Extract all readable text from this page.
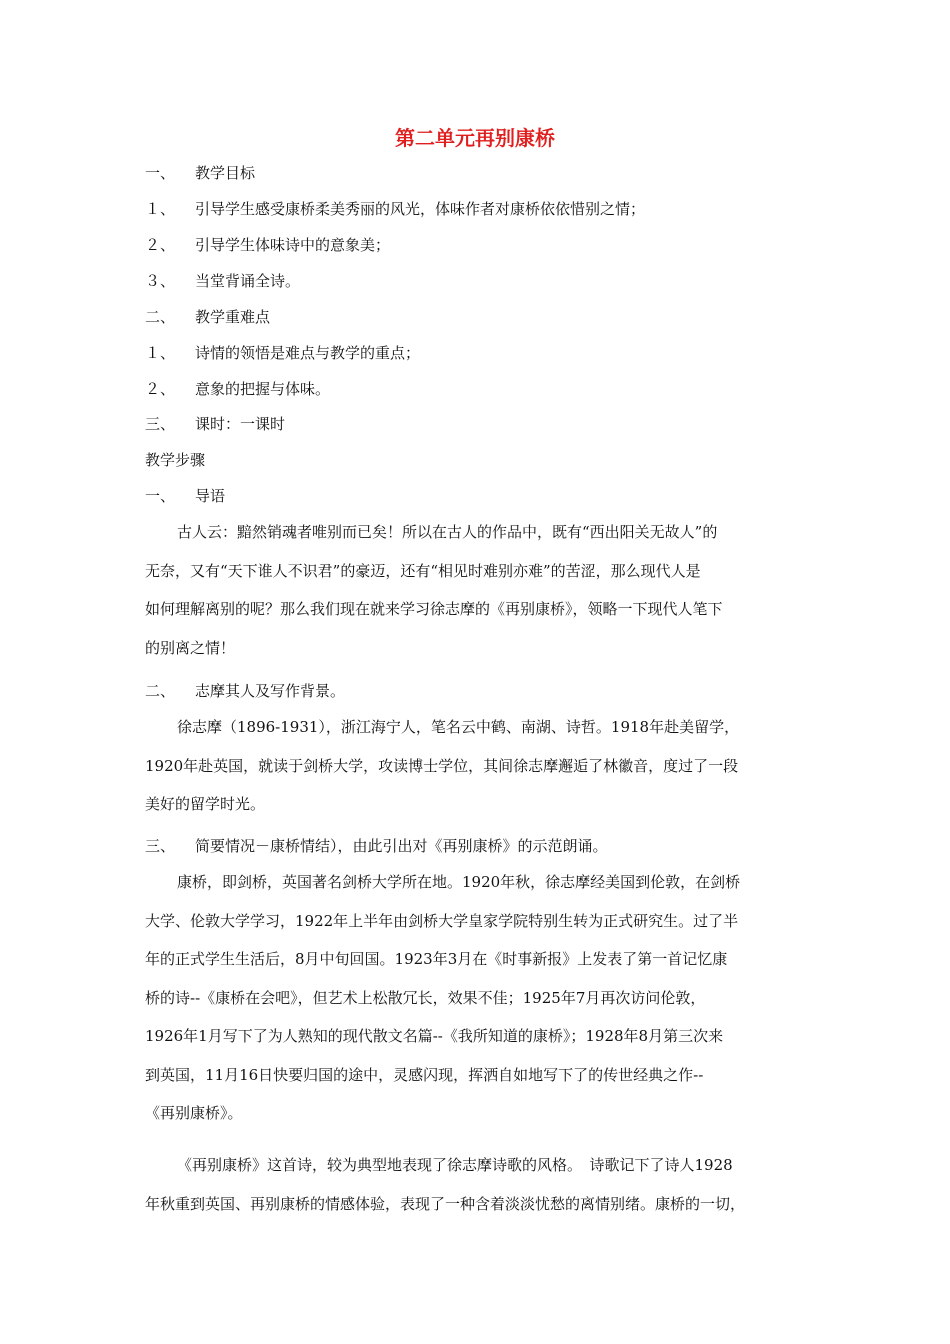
第二单元再别康桥
一、 教学目标
１、 引导学生感受康桥柔美秀丽的风光，体味作者对康桥依依惜别之情；
２、 引导学生体味诗中的意象美；
３、 当堂背诵全诗。
二、 教学重难点
１、 诗情的领悟是难点与教学的重点；
２、 意象的把握与体味。
三、 课时：一课时
教学步骤
一、 导语
古人云：黯然销魂者唯别而已矣！所以在古人的作品中，既有“西出阳关无故人”的
无奈，又有“天下谁人不识君”的豪迈，还有“相见时难别亦难”的苦涩，那么现代人是
如何理解离别的呢？那么我们现在就来学习徐志摩的《再别康桥》，领略一下现代人笔下
的别离之情！
二、 志摩其人及写作背景。
徐志摩（1896-1931），浙江海宁人，笔名云中鹤、南湖、诗哲。1918年赴美留学，
1920年赴英国，就读于剑桥大学，攻读博士学位，其间徐志摩邂逅了林徽音，度过了一段
美好的留学时光。
三、 简要情况－康桥情结），由此引出对《再别康桥》的示范朗诵。
康桥，即剑桥，英国著名剑桥大学所在地。1920年秋，徐志摩经美国到伦敦，在剑桥
大学、伦敦大学学习，1922年上半年由剑桥大学皇家学院特别生转为正式研究生。过了半
年的正式学生生活后，8月中旬回国。1923年3月在《时事新报》上发表了第一首记忆康
桥的诗--《康桥在会吧》，但艺术上松散冗长，效果不佳；1925年7月再次访问伦敦，
1926年1月写下了为人熟知的现代散文名篇--《我所知道的康桥》；1928年8月第三次来
到英国，11月16日快要归国的途中，灵感闪现，挥洒自如地写下了的传世经典之作--
《再别康桥》。
《再别康桥》这首诗，较为典型地表现了徐志摩诗歌的风格。　诗歌记下了诗人1928
年秋重到英国、再别康桥的情感体验，表现了一种含着淡淡忧愁的离情别绪。康桥的一切，
